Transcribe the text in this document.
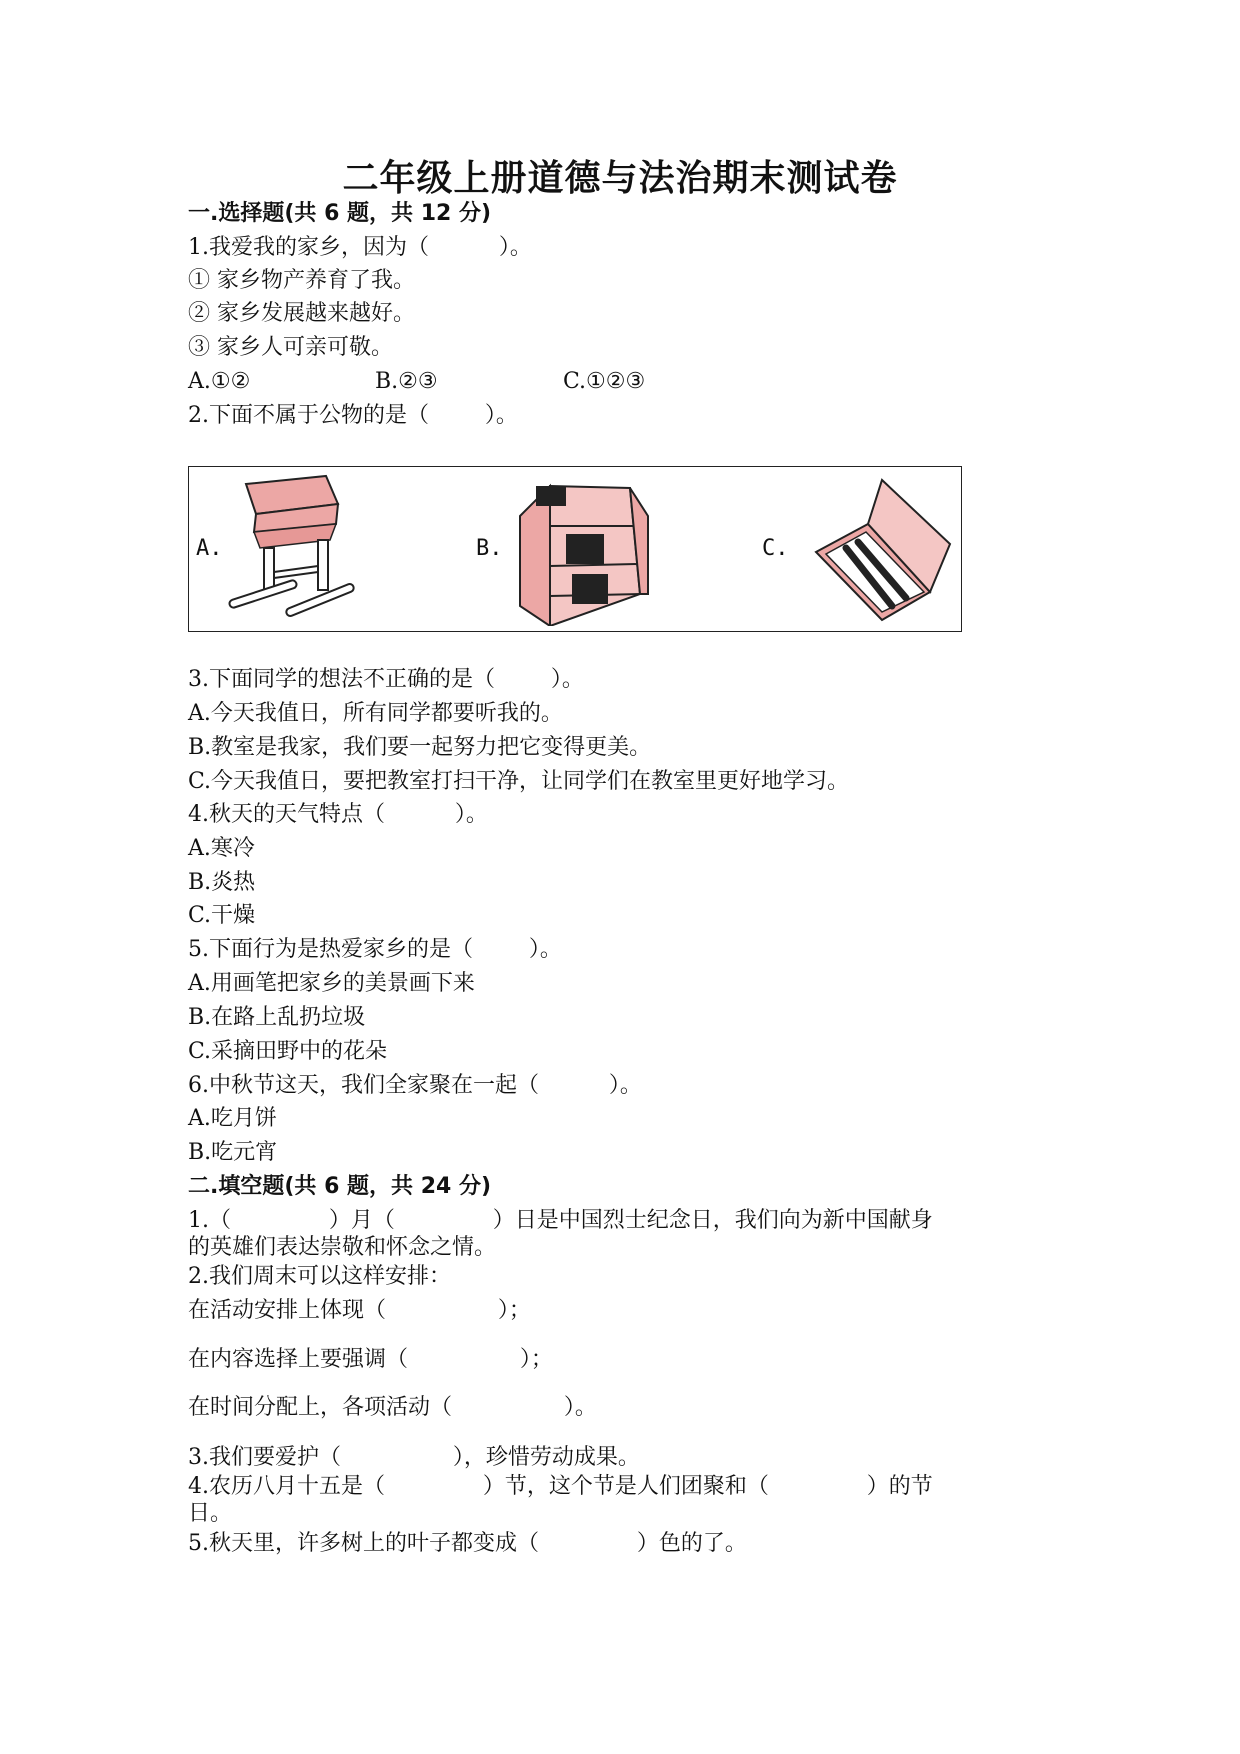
二年级上册道德与法治期末测试卷
一.选择题(共 6 题，共 12 分)
1.我爱我的家乡，因为（          ）。
① 家乡物产养育了我。
② 家乡发展越来越好。
③ 家乡人可亲可敬。
A.①②	B.②③	C.①②③
2.下面不属于公物的是（        ）。
A.	B.	C.
3.下面同学的想法不正确的是（        ）。
A.今天我值日，所有同学都要听我的。
B.教室是我家，我们要一起努力把它变得更美。
C.今天我值日，要把教室打扫干净，让同学们在教室里更好地学习。
4.秋天的天气特点（          ）。
A.寒冷
B.炎热
C.干燥
5.下面行为是热爱家乡的是（        ）。
A.用画笔把家乡的美景画下来
B.在路上乱扔垃圾
C.采摘田野中的花朵
6.中秋节这天，我们全家聚在一起（          ）。
A.吃月饼
B.吃元宵
二.填空题(共 6 题，共 24 分)
1.（              ）月（              ）日是中国烈士纪念日，我们向为新中国献身
的英雄们表达崇敬和怀念之情。
2.我们周末可以这样安排：
在活动安排上体现（                ）；
在内容选择上要强调（                ）；
在时间分配上，各项活动（                ）。
3.我们要爱护（                ），珍惜劳动成果。
4.农历八月十五是（              ）节，这个节是人们团聚和（              ）的节
日。
5.秋天里，许多树上的叶子都变成（              ）色的了。
